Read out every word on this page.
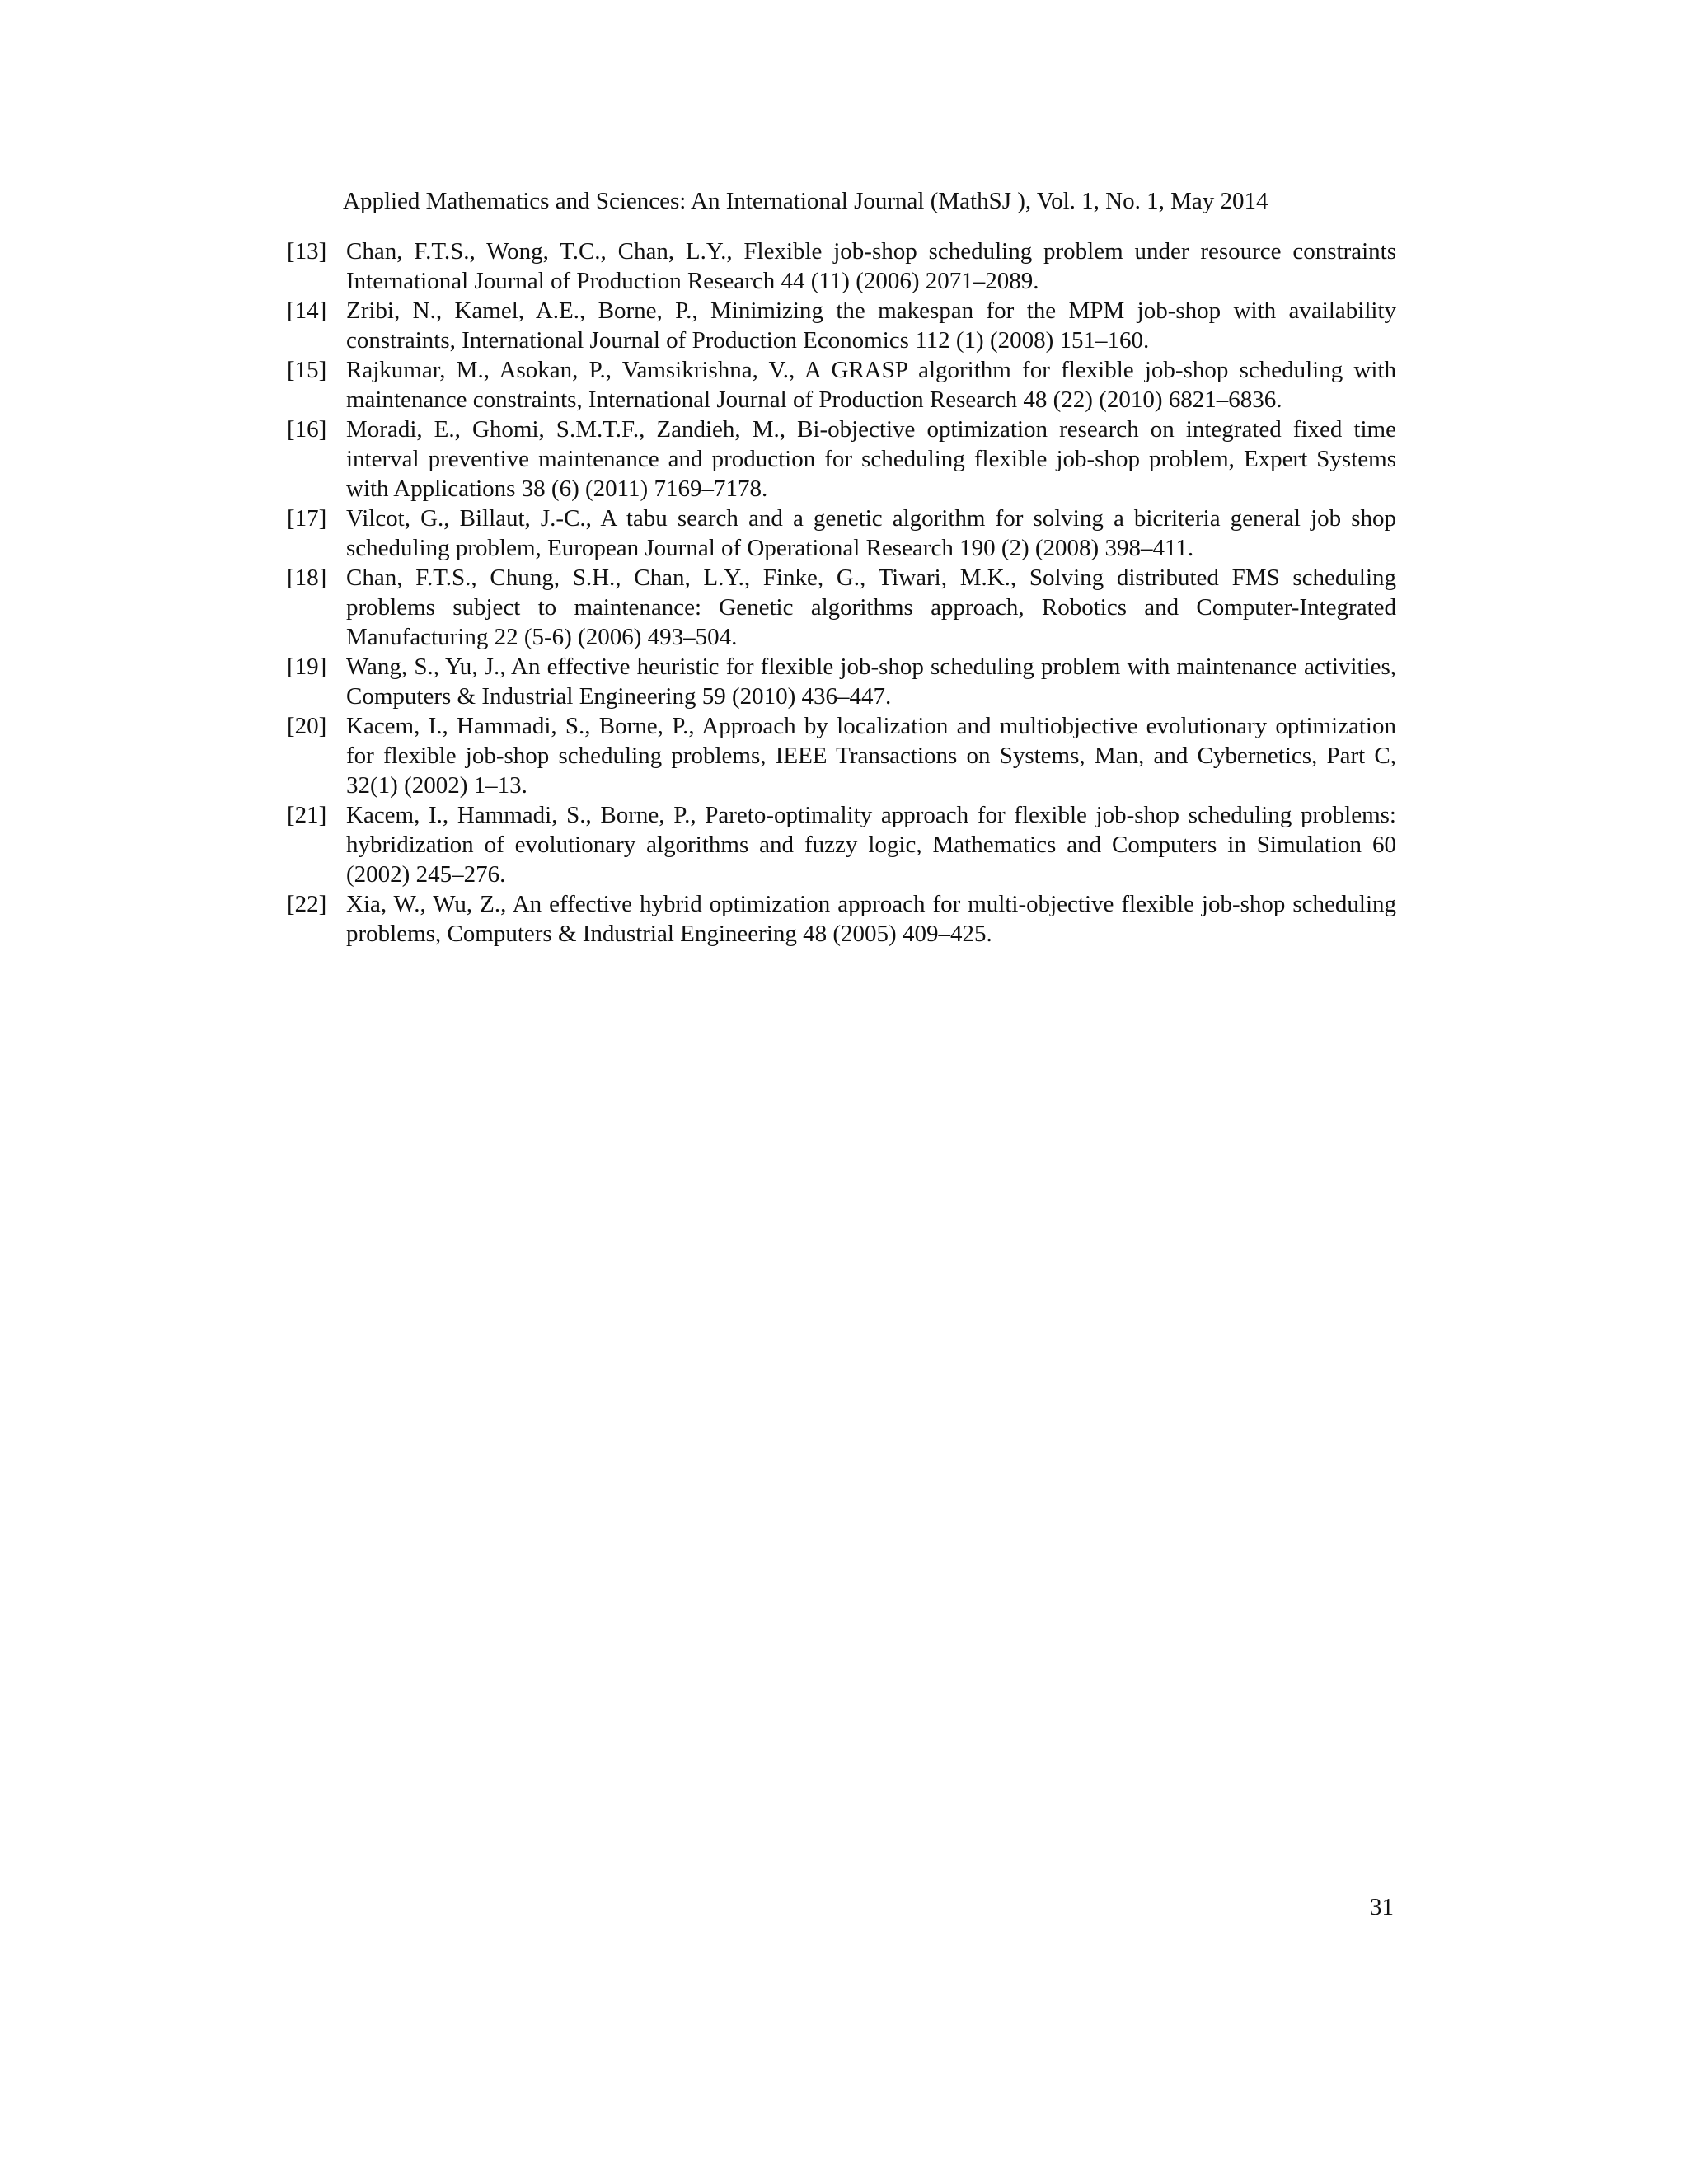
Applied Mathematics and Sciences: An International Journal (MathSJ ), Vol. 1, No. 1, May 2014
[13] Chan, F.T.S., Wong, T.C., Chan, L.Y., Flexible job-shop scheduling problem under resource constraints International Journal of Production Research 44 (11) (2006) 2071–2089.
[14] Zribi, N., Kamel, A.E., Borne, P., Minimizing the makespan for the MPM job-shop with availability constraints, International Journal of Production Economics 112 (1) (2008) 151–160.
[15] Rajkumar, M., Asokan, P., Vamsikrishna, V., A GRASP algorithm for flexible job-shop scheduling with maintenance constraints, International Journal of Production Research 48 (22) (2010) 6821–6836.
[16] Moradi, E., Ghomi, S.M.T.F., Zandieh, M., Bi-objective optimization research on integrated fixed time interval preventive maintenance and production for scheduling flexible job-shop problem, Expert Systems with Applications 38 (6) (2011) 7169–7178.
[17] Vilcot, G., Billaut, J.-C., A tabu search and a genetic algorithm for solving a bicriteria general job shop scheduling problem, European Journal of Operational Research 190 (2) (2008) 398–411.
[18] Chan, F.T.S., Chung, S.H., Chan, L.Y., Finke, G., Tiwari, M.K., Solving distributed FMS scheduling problems subject to maintenance: Genetic algorithms approach, Robotics and Computer-Integrated Manufacturing 22 (5-6) (2006) 493–504.
[19] Wang, S., Yu, J., An effective heuristic for flexible job-shop scheduling problem with maintenance activities, Computers & Industrial Engineering 59 (2010) 436–447.
[20] Kacem, I., Hammadi, S., Borne, P., Approach by localization and multiobjective evolutionary optimization for flexible job-shop scheduling problems, IEEE Transactions on Systems, Man, and Cybernetics, Part C, 32(1) (2002) 1–13.
[21] Kacem, I., Hammadi, S., Borne, P., Pareto-optimality approach for flexible job-shop scheduling problems: hybridization of evolutionary algorithms and fuzzy logic, Mathematics and Computers in Simulation 60 (2002) 245–276.
[22] Xia, W., Wu, Z., An effective hybrid optimization approach for multi-objective flexible job-shop scheduling problems, Computers & Industrial Engineering 48 (2005) 409–425.
31
